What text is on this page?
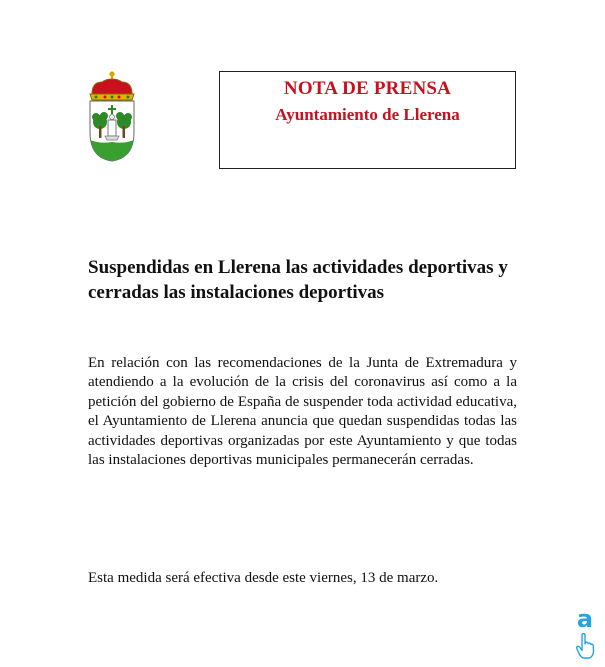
NOTA DE PRENSA
Ayuntamiento de Llerena
Suspendidas en Llerena las actividades deportivas y cerradas las instalaciones deportivas

En relación con las recomendaciones de la Junta de Extremadura y atendiendo a la evolución de la crisis del coronavirus así como a la petición del gobierno de España de suspender toda actividad educativa, el Ayuntamiento de Llerena anuncia que quedan suspendidas todas las actividades deportivas organizadas por este Ayuntamiento y que todas las instalaciones deportivas municipales permanecerán cerradas.

Esta medida será efectiva desde este viernes, 13 de marzo.

a
